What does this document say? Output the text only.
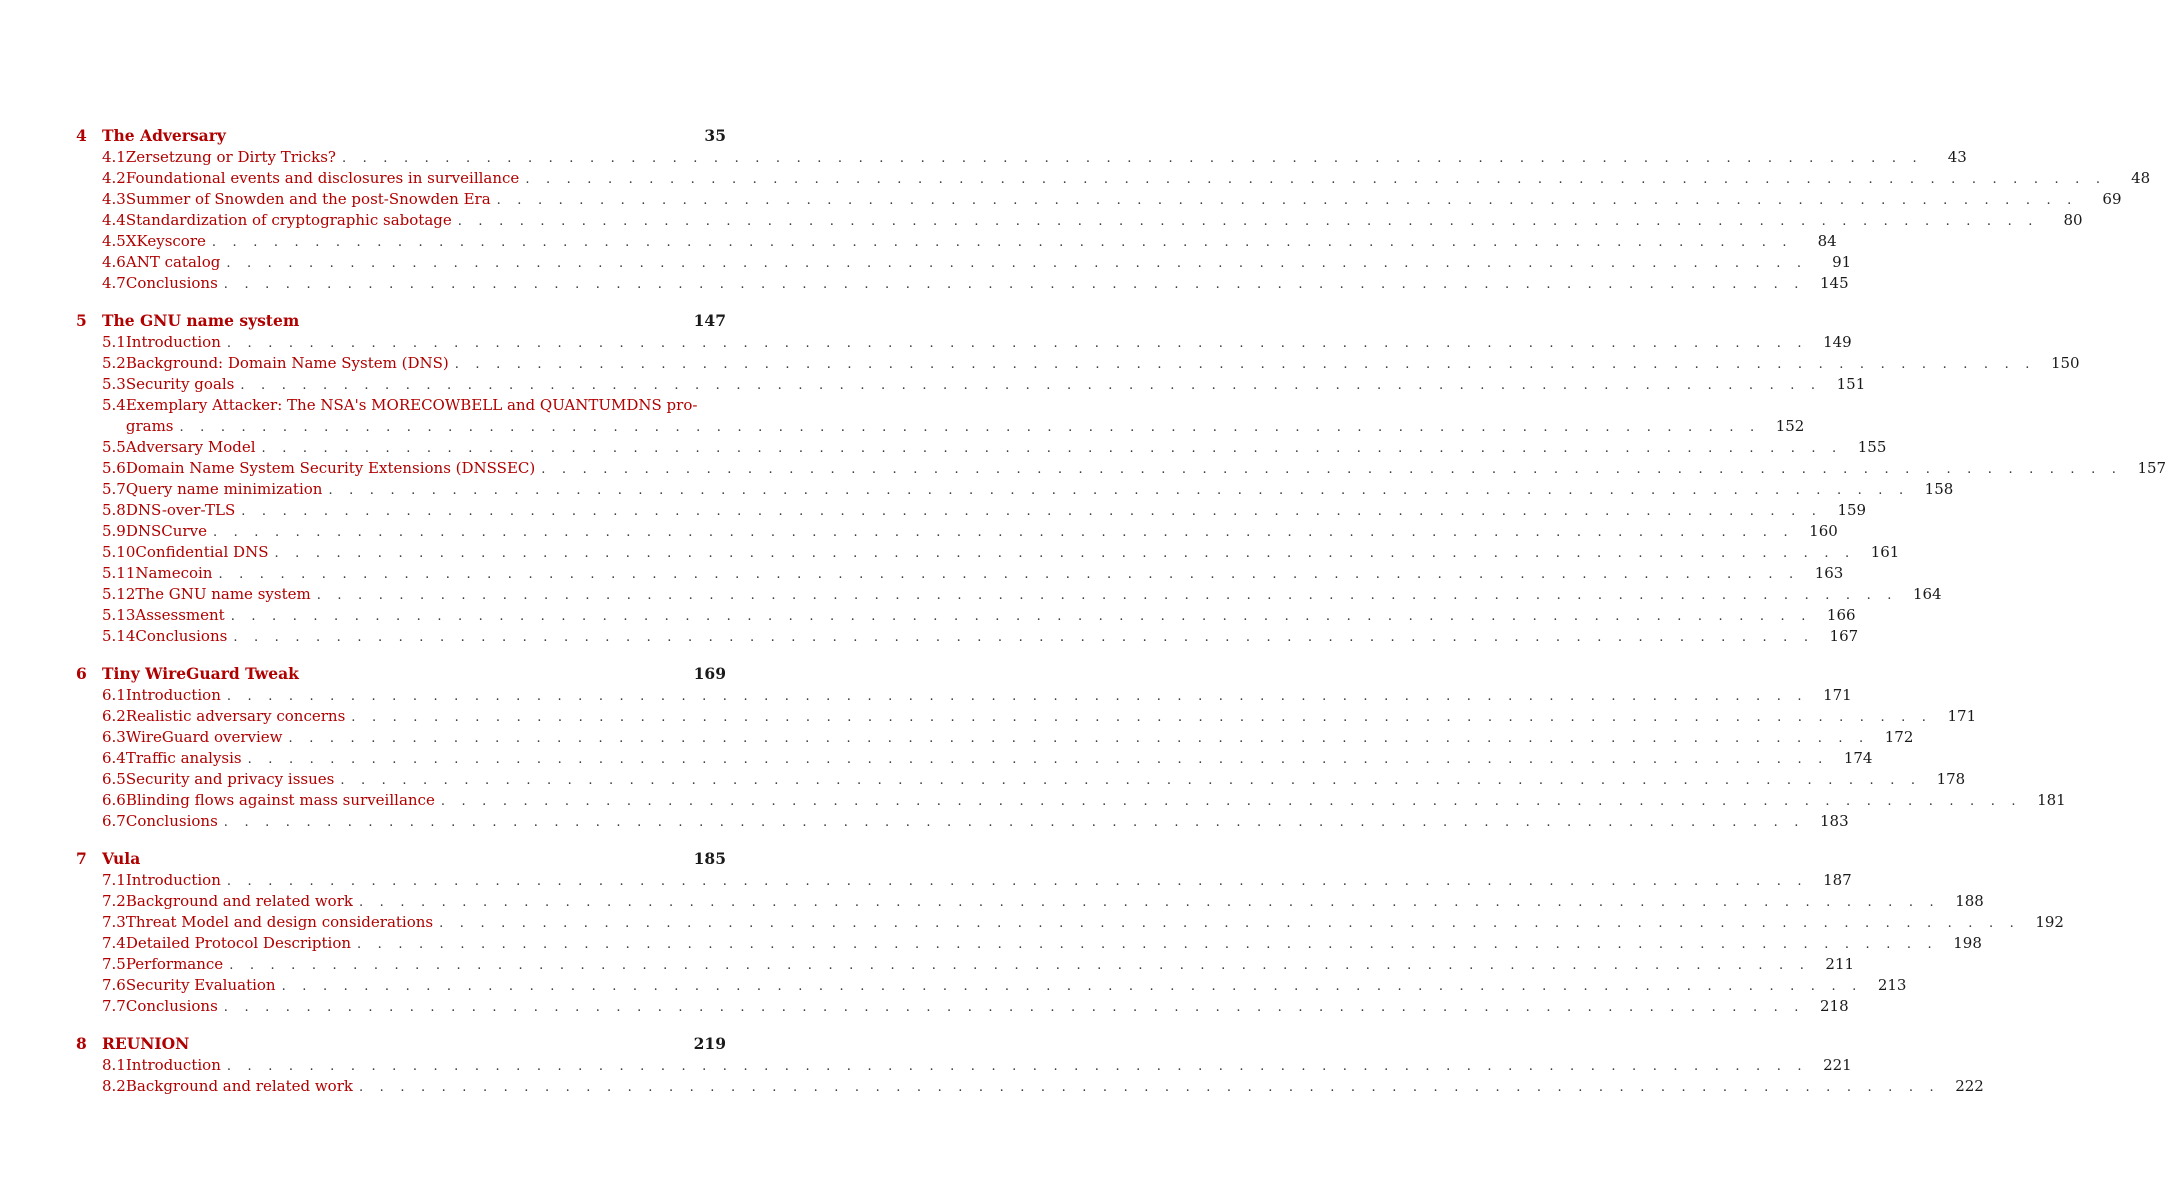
4 The Adversary	35
4.1 Zersetzung or Dirty Tricks? . . .	43
4.2 Foundational events and disclosures in surveillance . . .	48
4.3 Summer of Snowden and the post-Snowden Era . . .	69
4.4 Standardization of cryptographic sabotage . . .	80
4.5 XKeyscore . . .	84
4.6 ANT catalog . . .	91
4.7 Conclusions . . .	145
5 The GNU name system	147
5.1 Introduction . . .	149
5.2 Background: Domain Name System (DNS) . . .	150
5.3 Security goals . . .	151
5.4 Exemplary Attacker: The NSA's MORECOWBELL and QUANTUMDNS pro-
grams . . .	152
5.5 Adversary Model . . .	155
5.6 Domain Name System Security Extensions (DNSSEC) . . .	157
5.7 Query name minimization . . .	158
5.8 DNS-over-TLS . . .	159
5.9 DNSCurve . . .	160
5.10 Confidential DNS . . .	161
5.11 Namecoin . . .	163
5.12 The GNU name system . . .	164
5.13 Assessment . . .	166
5.14 Conclusions . . .	167
6 Tiny WireGuard Tweak	169
6.1 Introduction . . .	171
6.2 Realistic adversary concerns . . .	171
6.3 WireGuard overview . . .	172
6.4 Traffic analysis . . .	174
6.5 Security and privacy issues . . .	178
6.6 Blinding flows against mass surveillance . . .	181
6.7 Conclusions . . .	183
7 Vula	185
7.1 Introduction . . .	187
7.2 Background and related work . . .	188
7.3 Threat Model and design considerations . . .	192
7.4 Detailed Protocol Description . . .	198
7.5 Performance . . .	211
7.6 Security Evaluation . . .	213
7.7 Conclusions . . .	218
8 REUNION	219
8.1 Introduction . . .	221
8.2 Background and related work . . .	222
